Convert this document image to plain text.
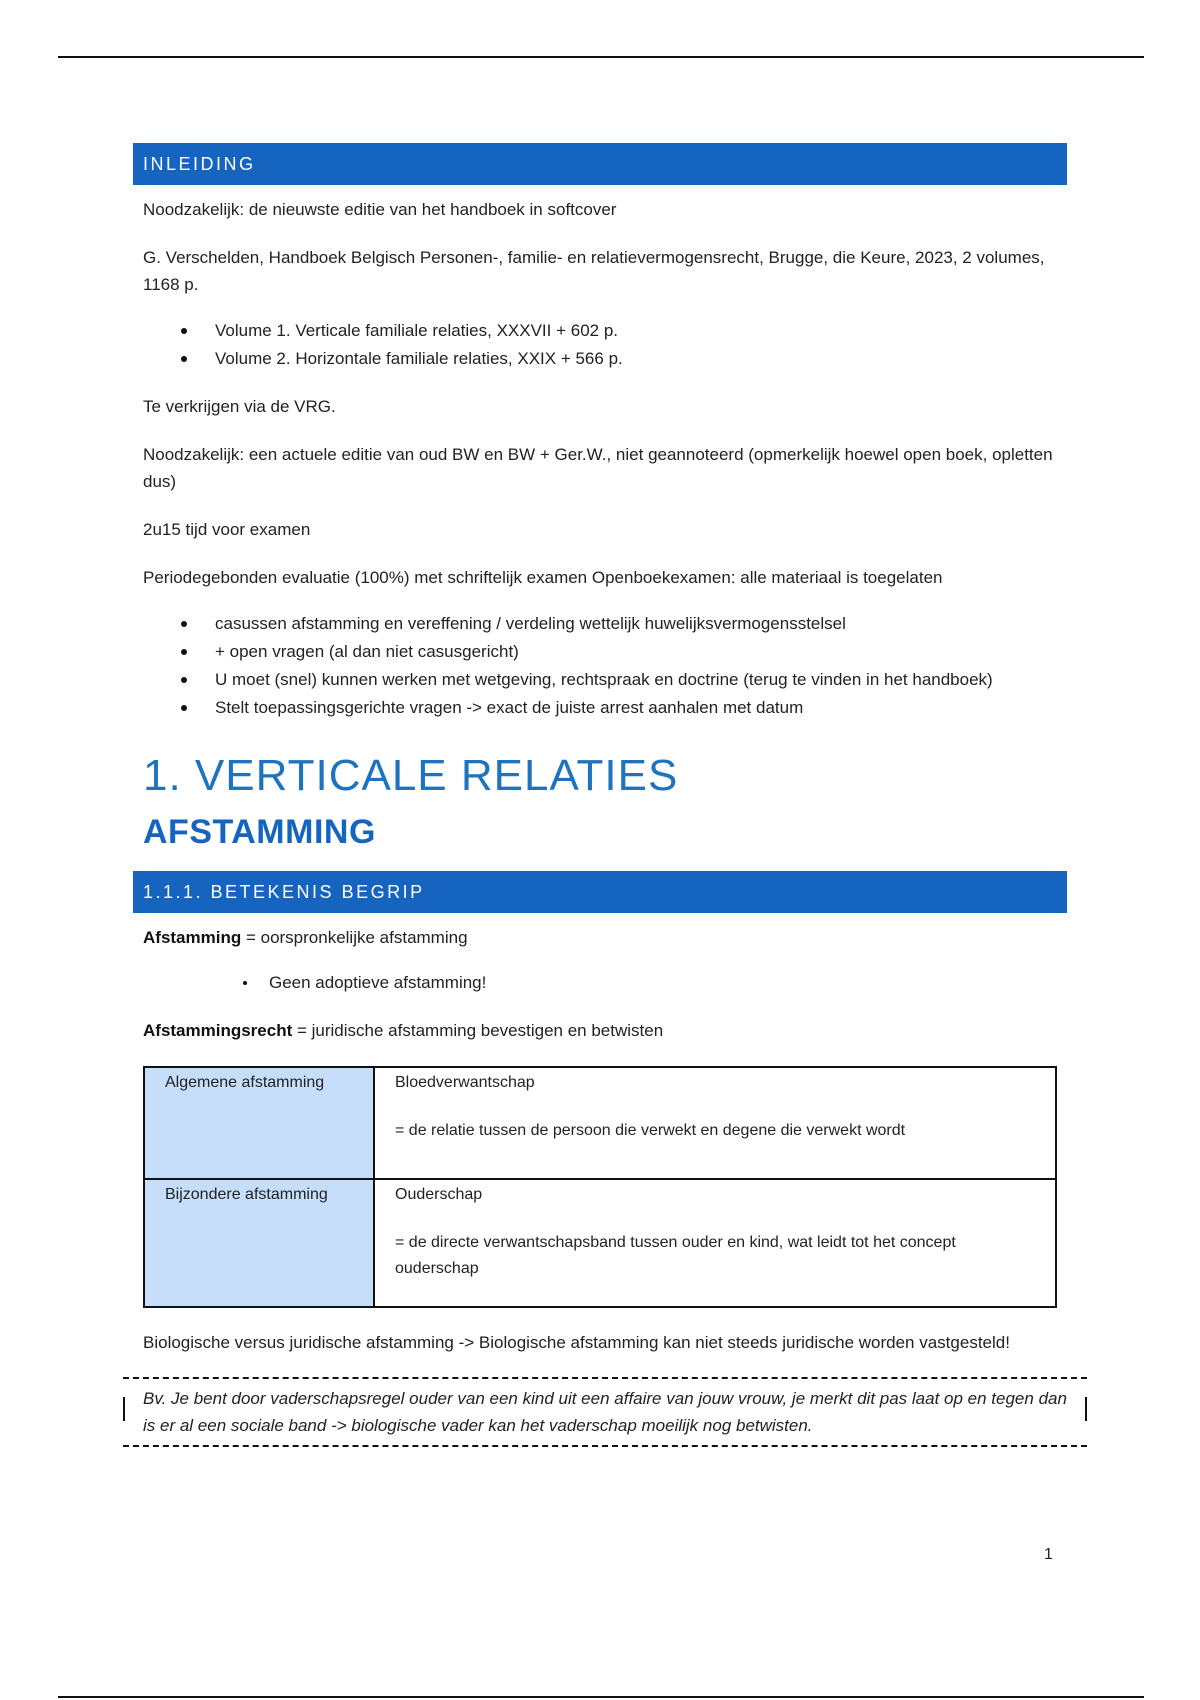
INLEIDING

Noodzakelijk: de nieuwste editie van het handboek in softcover

G. Verschelden, Handboek Belgisch Personen-, familie- en relatievermogensrecht, Brugge, die Keure, 2023, 2 volumes, 1168 p.

Volume 1. Verticale familiale relaties, XXXVII + 602 p.
Volume 2. Horizontale familiale relaties, XXIX + 566 p.

Te verkrijgen via de VRG.

Noodzakelijk: een actuele editie van oud BW en BW + Ger.W., niet geannoteerd (opmerkelijk hoewel open boek, opletten dus)

2u15 tijd voor examen

Periodegebonden evaluatie (100%) met schriftelijk examen Openboekexamen: alle materiaal is toegelaten

casussen afstamming en vereffening / verdeling wettelijk huwelijksvermogensstelsel
+ open vragen (al dan niet casusgericht)
U moet (snel) kunnen werken met wetgeving, rechtspraak en doctrine (terug te vinden in het handboek)
Stelt toepassingsgerichte vragen -> exact de juiste arrest aanhalen met datum
1. VERTICALE RELATIES
AFSTAMMING
1.1.1. BETEKENIS BEGRIP

Afstamming = oorspronkelijke afstamming

Geen adoptieve afstamming!

Afstammingsrecht = juridische afstamming bevestigen en betwisten

Algemene afstamming	Bloedverwantschap
= de relatie tussen de persoon die verwekt en degene die verwekt wordt

Bijzondere afstamming	Ouderschap
= de directe verwantschapsband tussen ouder en kind, wat leidt tot het concept ouderschap

Biologische versus juridische afstamming -> Biologische afstamming kan niet steeds juridische worden vastgesteld!

Bv. Je bent door vaderschapsregel ouder van een kind uit een affaire van jouw vrouw, je merkt dit pas laat op en tegen dan is er al een sociale band -> biologische vader kan het vaderschap moeilijk nog betwisten.

1
